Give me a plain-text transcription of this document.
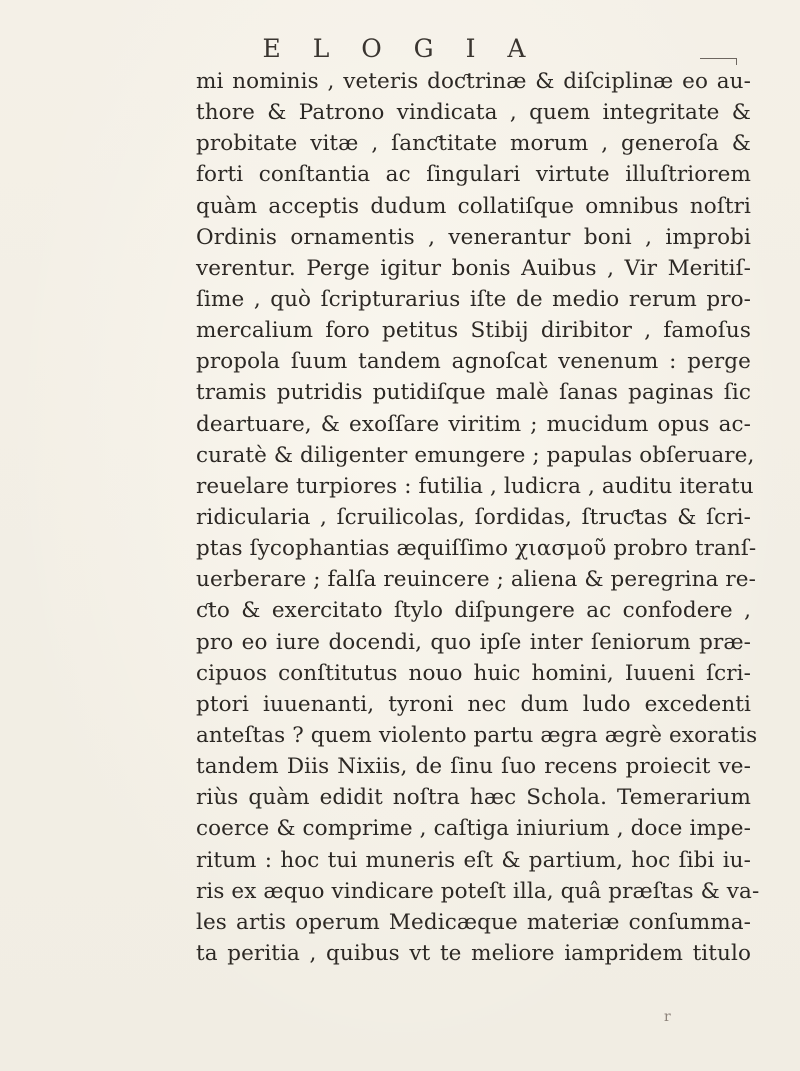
E L O G I A
mi nominis , veteris doƈtrinæ & diſciplinæ eo au-
thore & Patrono vindicata , quem integritate &
probitate vitæ , ſanƈtitate morum , generoſa &
forti conſtantia ac ſingulari virtute illuſtriorem
quàm acceptis dudum collatiſque omnibus noſtri
Ordinis ornamentis , venerantur boni , improbi
verentur. Perge igitur bonis Auibus , Vir Meritiſ-
ſime , quò ſcripturarius iſte de medio rerum pro-
mercalium foro petitus Stibij diribitor , famoſus
propola ſuum tandem agnoſcat venenum : perge
tramis putridis putidiſque malè ſanas paginas ſic
deartuare, & exoſſare viritim ; mucidum opus ac-
curatè & diligenter emungere ; papulas obſeruare,
reuelare turpiores : futilia , ludicra , auditu iteratu
ridicularia , ſcruilicolas, ſordidas, ſtruƈtas & ſcri-
ptas ſycophantias æquiſſimo χιασμοῦ probro tranſ-
uerberare ; falſa reuincere ; aliena & peregrina re-
ƈto & exercitato ſtylo diſpungere ac confodere ,
pro eo iure docendi, quo ipſe inter ſeniorum præ-
cipuos conſtitutus nouo huic homini, Iuueni ſcri-
ptori iuuenanti, tyroni nec dum ludo excedenti
anteſtas ? quem violento partu ægra ægrè exoratis
tandem Diis Nixiis, de ſinu ſuo recens proiecit ve-
riùs quàm edidit noſtra hæc Schola. Temerarium
coerce & comprime , caſtiga iniurium , doce impe-
ritum : hoc tui muneris eſt & partium, hoc ſibi iu-
ris ex æquo vindicare poteſt illa, quâ præſtas & va-
les artis operum Medicæque materiæ conſumma-
ta peritia , quibus vt te meliore iampridem titulo
r
